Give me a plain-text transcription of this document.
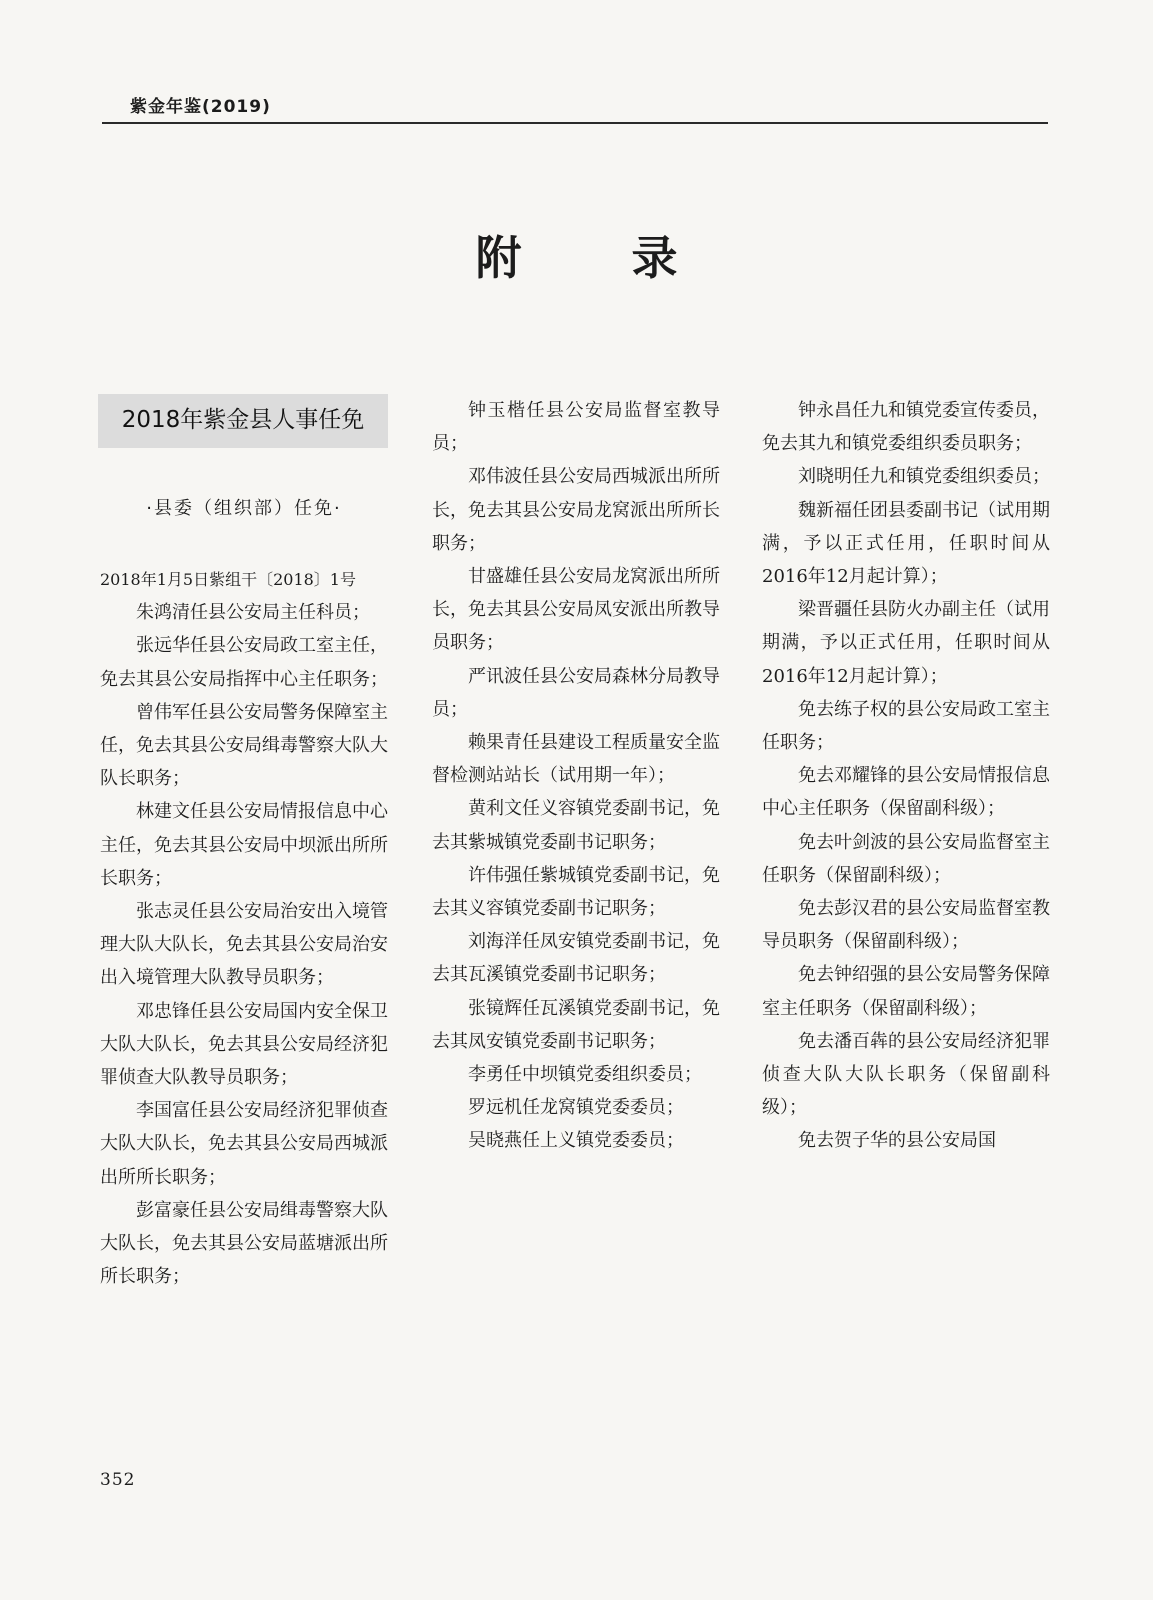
紫金年鉴(2019)
附录
2018年紫金县人事任免
·县委（组织部）任免·
2018年1月5日紫组干〔2018〕1号

朱鸿清任县公安局主任科员；

张远华任县公安局政工室主任，免去其县公安局指挥中心主任职务；

曾伟军任县公安局警务保障室主任，免去其县公安局缉毒警察大队大队长职务；

林建文任县公安局情报信息中心主任，免去其县公安局中坝派出所所长职务；

张志灵任县公安局治安出入境管理大队大队长，免去其县公安局治安出入境管理大队教导员职务；

邓忠锋任县公安局国内安全保卫大队大队长，免去其县公安局经济犯罪侦查大队教导员职务；

李国富任县公安局经济犯罪侦查大队大队长，免去其县公安局西城派出所所长职务；

彭富豪任县公安局缉毒警察大队大队长，免去其县公安局蓝塘派出所所长职务；

钟玉楷任县公安局监督室教导员；

邓伟波任县公安局西城派出所所长，免去其县公安局龙窝派出所所长职务；

甘盛雄任县公安局龙窝派出所所长，免去其县公安局凤安派出所教导员职务；

严讯波任县公安局森林分局教导员；

赖果青任县建设工程质量安全监督检测站站长（试用期一年）；

黄利文任义容镇党委副书记，免去其紫城镇党委副书记职务；

许伟强任紫城镇党委副书记，免去其义容镇党委副书记职务；

刘海洋任凤安镇党委副书记，免去其瓦溪镇党委副书记职务；

张镜辉任瓦溪镇党委副书记，免去其凤安镇党委副书记职务；

李勇任中坝镇党委组织委员；

罗远机任龙窝镇党委委员；

吴晓燕任上义镇党委委员；

钟永昌任九和镇党委宣传委员，免去其九和镇党委组织委员职务；

刘晓明任九和镇党委组织委员；

魏新福任团县委副书记（试用期满，予以正式任用，任职时间从2016年12月起计算）；

梁晋疆任县防火办副主任（试用期满，予以正式任用，任职时间从2016年12月起计算）；

免去练子权的县公安局政工室主任职务；

免去邓耀锋的县公安局情报信息中心主任职务（保留副科级）；

免去叶剑波的县公安局监督室主任职务（保留副科级）；

免去彭汉君的县公安局监督室教导员职务（保留副科级）；

免去钟绍强的县公安局警务保障室主任职务（保留副科级）；

免去潘百犇的县公安局经济犯罪侦查大队大队长职务（保留副科级）；

免去贺子华的县公安局国

352
